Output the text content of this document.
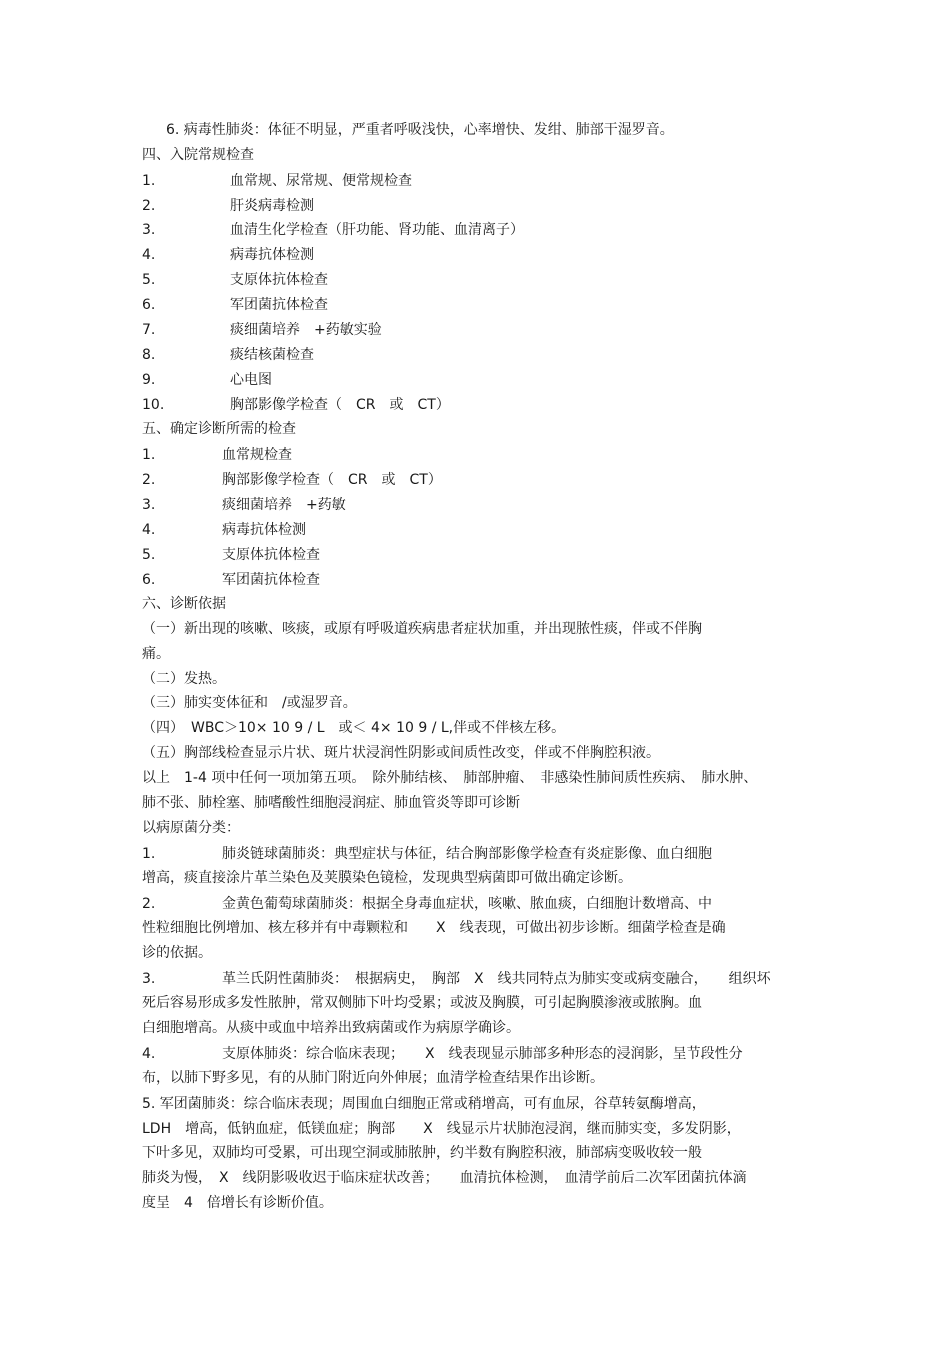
6. 病毒性肺炎：体征不明显，严重者呼吸浅快，心率增快、发绀、肺部干湿罗音。
四、入院常规检查
1.	血常规、尿常规、便常规检查
2.	肝炎病毒检测
3.	血清生化学检查（肝功能、肾功能、血清离子）
4.	病毒抗体检测
5.	支原体抗体检查
6.	军团菌抗体检查
7.	痰细菌培养　+药敏实验
8.	痰结核菌检查
9.	心电图
10.	胸部影像学检查（　CR　或　CT）
五、确定诊断所需的检查
1.	血常规检查
2.	胸部影像学检查（　CR　或　CT）
3.	痰细菌培养　+药敏
4.	病毒抗体检测
5.	支原体抗体检查
6.	军团菌抗体检查
六、诊断依据
（一）新出现的咳嗽、咳痰，或原有呼吸道疾病患者症状加重，并出现脓性痰，伴或不伴胸
痛。
（二）发热。
（三）肺实变体征和　/或湿罗音。
（四）　WBC＞10× 10 9 / L　或＜ 4× 10 9 / L,伴或不伴核左移。
（五）胸部线检查显示片状、斑片状浸润性阴影或间质性改变，伴或不伴胸腔积液。
以上　1-4 项中任何一项加第五项。　除外肺结核、　肺部肿瘤、　非感染性肺间质性疾病、　肺水肿、
肺不张、肺栓塞、肺嗜酸性细胞浸润症、肺血管炎等即可诊断
以病原菌分类：
1.	肺炎链球菌肺炎：典型症状与体征，结合胸部影像学检查有炎症影像、血白细胞
增高，痰直接涂片革兰染色及荚膜染色镜检，发现典型病菌即可做出确定诊断。
2.	金黄色葡萄球菌肺炎：根据全身毒血症状，咳嗽、脓血痰，白细胞计数增高、中
性粒细胞比例增加、核左移并有中毒颗粒和　　X　线表现，可做出初步诊断。细菌学检查是确
诊的依据。
3.	革兰氏阴性菌肺炎：　根据病史，　胸部　X　线共同特点为肺实变或病变融合，　　组织坏
死后容易形成多发性脓肿，常双侧肺下叶均受累；或波及胸膜，可引起胸膜渗液或脓胸。血
白细胞增高。从痰中或血中培养出致病菌或作为病原学确诊。
4.	支原体肺炎：综合临床表现；　　X　线表现显示肺部多种形态的浸润影，呈节段性分
布，以肺下野多见，有的从肺门附近向外伸展；血清学检查结果作出诊断。
5. 军团菌肺炎：综合临床表现；周围血白细胞正常或稍增高，可有血尿，谷草转氨酶增高，
LDH　增高，低钠血症，低镁血症；胸部　　X　线显示片状肺泡浸润，继而肺实变，多发阴影，
下叶多见，双肺均可受累，可出现空洞或肺脓肿，约半数有胸腔积液，肺部病变吸收较一般
肺炎为慢，　X　线阴影吸收迟于临床症状改善；　　血清抗体检测，　血清学前后二次军团菌抗体滴
度呈　4　倍增长有诊断价值。
